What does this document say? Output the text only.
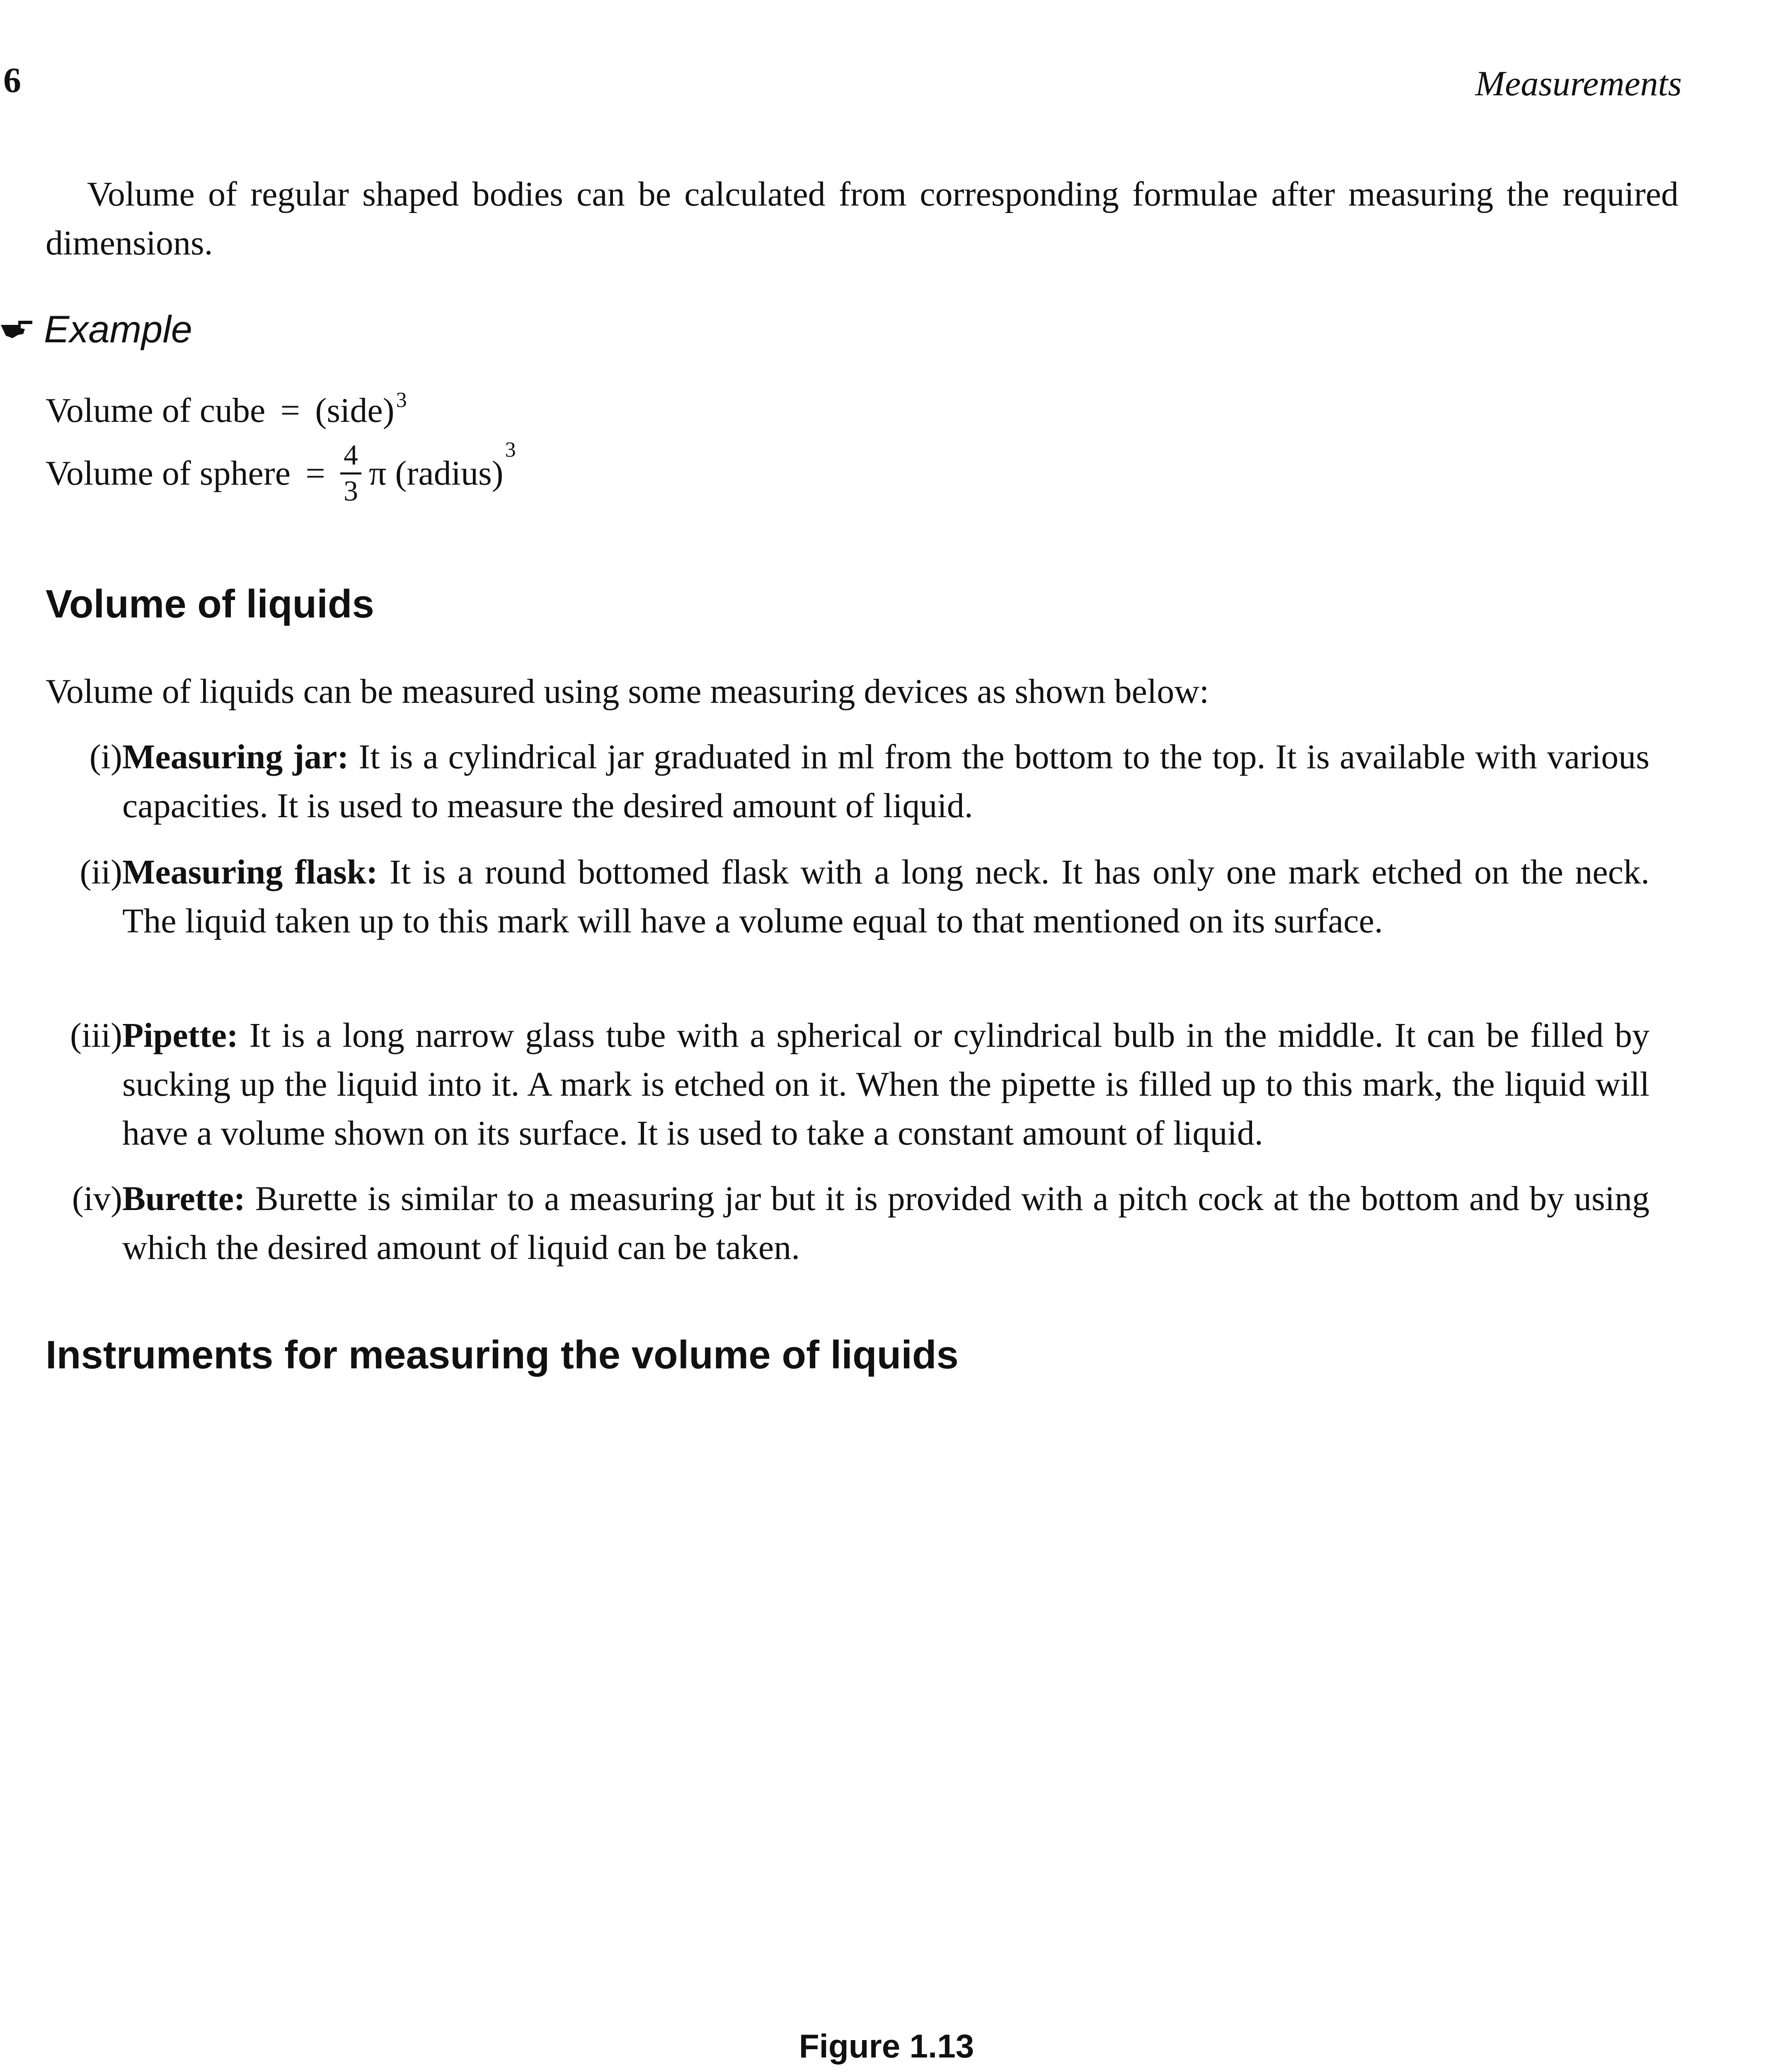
6	Measurements
Volume of regular shaped bodies can be calculated from corresponding formulae after measuring the required dimensions.
Example
Volume of cube = (side)$^3$
Volume of sphere = $\frac{4}{3}$ π (radius)$^3$
Volume of liquids
Volume of liquids can be measured using some measuring devices as shown below:
(i) Measuring jar: It is a cylindrical jar graduated in ml from the bottom to the top. It is available with various capacities. It is used to measure the desired amount of liquid.
(ii) Measuring flask: It is a round bottomed flask with a long neck. It has only one mark etched on the neck. The liquid taken up to this mark will have a volume equal to that mentioned on its surface.
(iii) Pipette: It is a long narrow glass tube with a spherical or cylindrical bulb in the middle. It can be filled by sucking up the liquid into it. A mark is etched on it. When the pipette is filled up to this mark, the liquid will have a volume shown on its surface. It is used to take a constant amount of liquid.
(iv) Burette: Burette is similar to a measuring jar but it is provided with a pitch cock at the bottom and by using which the desired amount of liquid can be taken.
Instruments for measuring the volume of liquids
Figure 1.13
